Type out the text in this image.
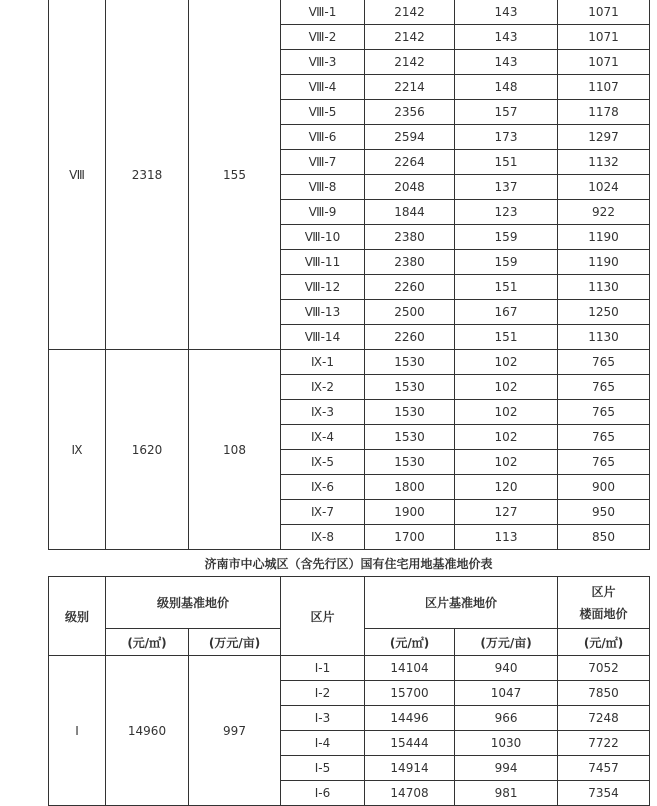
Ⅷ	2318	155	Ⅷ-1	2142	143	1071
			Ⅷ-2	2142	143	1071
			Ⅷ-3	2142	143	1071
			Ⅷ-4	2214	148	1107
			Ⅷ-5	2356	157	1178
			Ⅷ-6	2594	173	1297
			Ⅷ-7	2264	151	1132
			Ⅷ-8	2048	137	1024
			Ⅷ-9	1844	123	922
			Ⅷ-10	2380	159	1190
			Ⅷ-11	2380	159	1190
			Ⅷ-12	2260	151	1130
			Ⅷ-13	2500	167	1250
			Ⅷ-14	2260	151	1130
Ⅸ	1620	108	Ⅸ-1	1530	102	765
			Ⅸ-2	1530	102	765
			Ⅸ-3	1530	102	765
			Ⅸ-4	1530	102	765
			Ⅸ-5	1530	102	765
			Ⅸ-6	1800	120	900
			Ⅸ-7	1900	127	950
			Ⅸ-8	1700	113	850
济南市中心城区（含先行区）国有住宅用地基准地价表
级别	级别基准地价		区片	区片基准地价		区片
楼面地价

	(元/㎡)	(万元/亩)		(元/㎡)	(万元/亩)	(元/㎡)
Ⅰ	14960	997	Ⅰ-1	14104	940	7052
			Ⅰ-2	15700	1047	7850
			Ⅰ-3	14496	966	7248
			Ⅰ-4	15444	1030	7722
			Ⅰ-5	14914	994	7457
			Ⅰ-6	14708	981	7354
